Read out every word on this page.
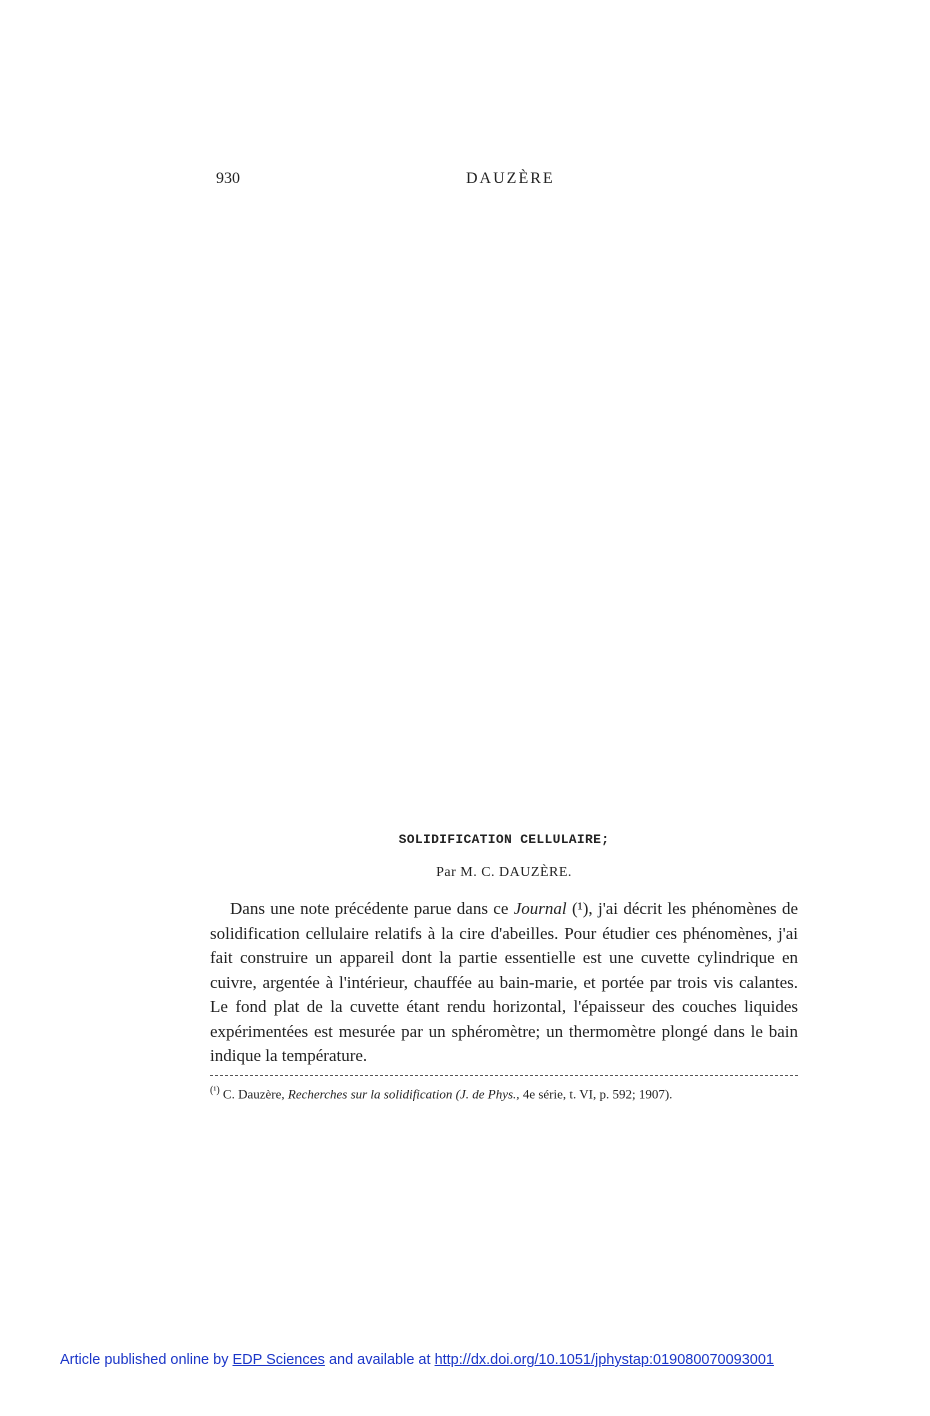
930	DAUZÈRE
SOLIDIFICATION CELLULAIRE;

Par M. C. DAUZÈRE.

Dans une note précédente parue dans ce Journal (¹), j'ai décrit les phénomènes de solidification cellulaire relatifs à la cire d'abeilles. Pour étudier ces phénomènes, j'ai fait construire un appareil dont la partie essentielle est une cuvette cylindrique en cuivre, argentée à l'intérieur, chauffée au bain-marie, et portée par trois vis calantes. Le fond plat de la cuvette étant rendu horizontal, l'épaisseur des couches liquides expérimentées est mesurée par un sphéromètre; un thermomètre plongé dans le bain indique la température.

$^{(^1)}$ C. Dauzère, Recherches sur la solidification (J. de Phys., 4e série, t. VI, p. 592; 1907).

Article published online by EDP Sciences and available at http://dx.doi.org/10.1051/jphystap:019080070093001
